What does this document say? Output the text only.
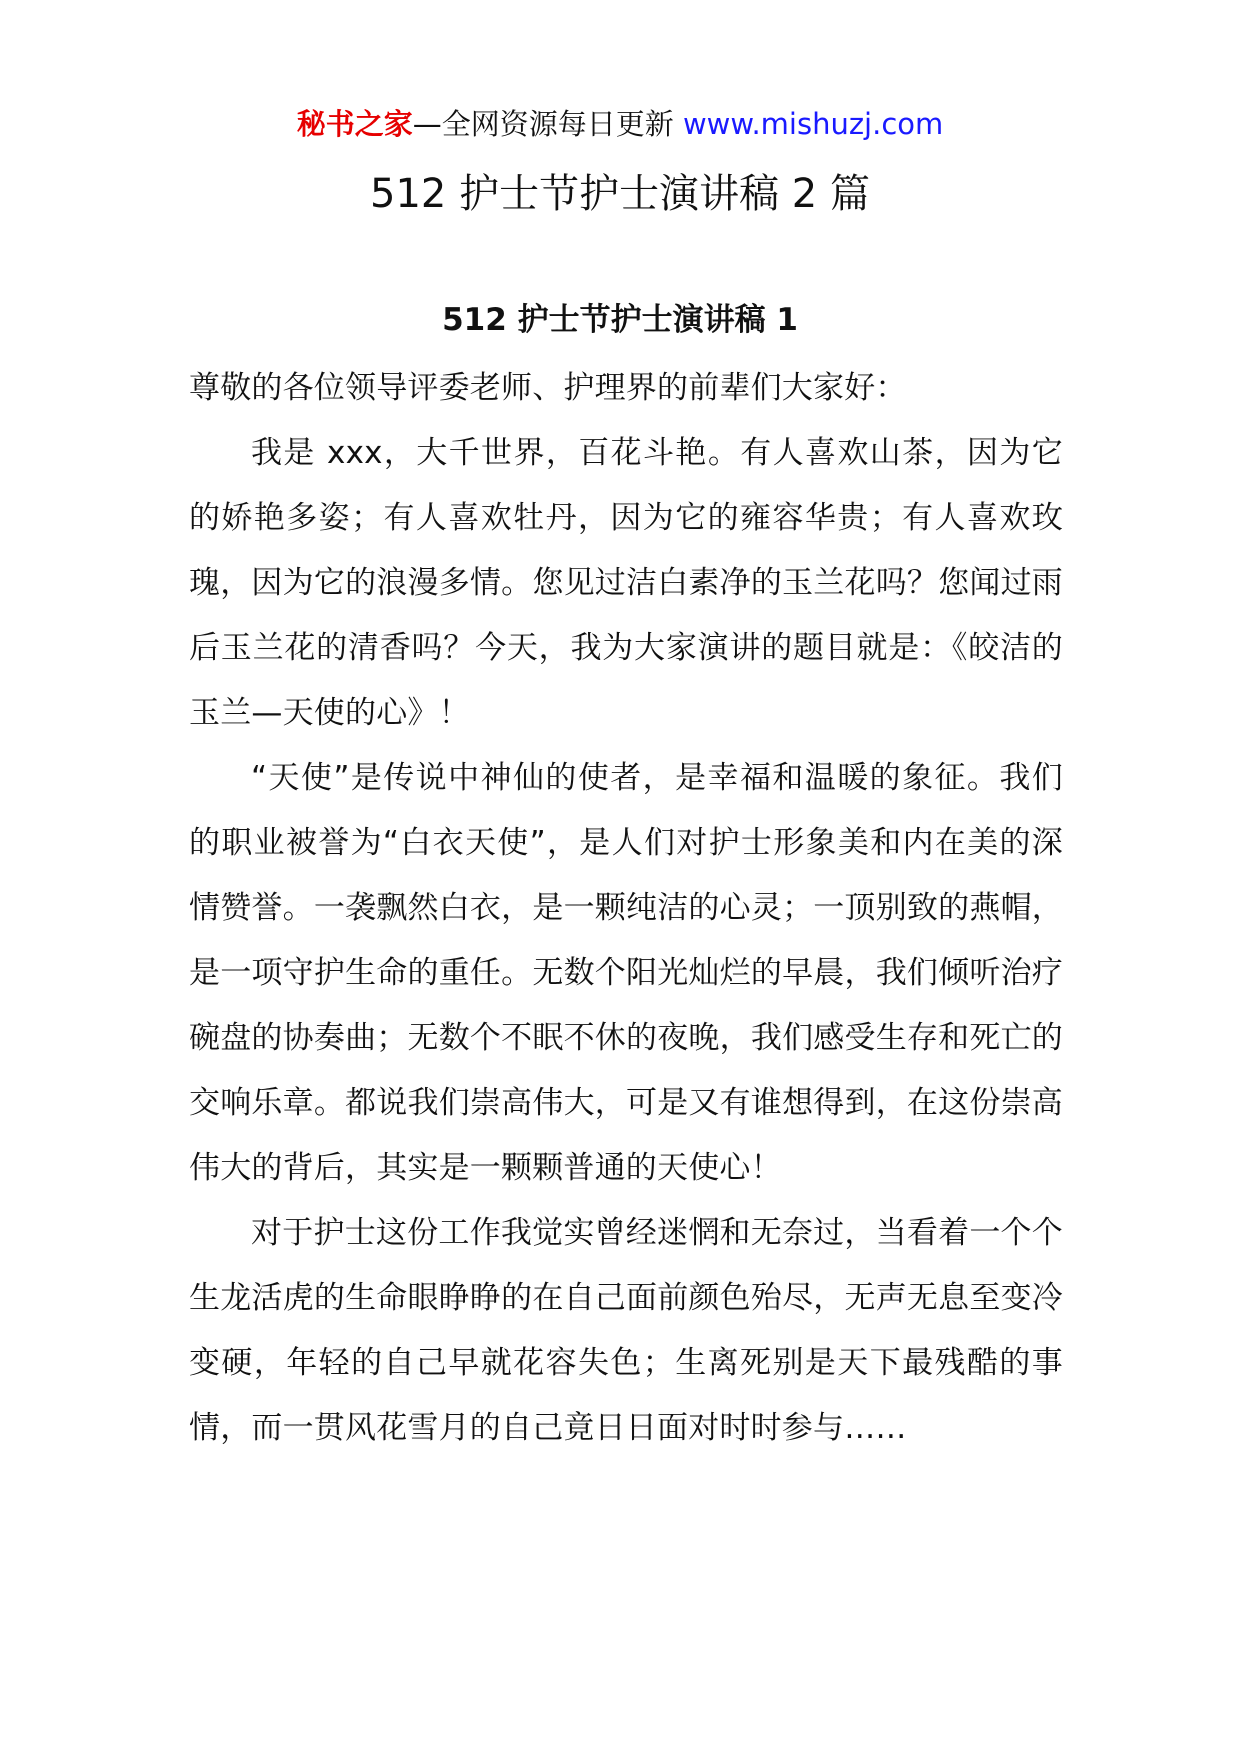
秘书之家—全网资源每日更新 www.mishuzj.com
512 护士节护士演讲稿 2 篇
512 护士节护士演讲稿 1

尊敬的各位领导评委老师、护理界的前辈们大家好：

我是 xxx，大千世界，百花斗艳。有人喜欢山茶，因为它的娇艳多姿；有人喜欢牡丹，因为它的雍容华贵；有人喜欢玫瑰，因为它的浪漫多情。您见过洁白素净的玉兰花吗？您闻过雨后玉兰花的清香吗？今天，我为大家演讲的题目就是：《皎洁的玉兰—天使的心》！

“天使”是传说中神仙的使者，是幸福和温暖的象征。我们的职业被誉为“白衣天使”，是人们对护士形象美和内在美的深情赞誉。一袭飘然白衣，是一颗纯洁的心灵；一顶别致的燕帽，是一项守护生命的重任。无数个阳光灿烂的早晨，我们倾听治疗碗盘的协奏曲；无数个不眠不休的夜晚，我们感受生存和死亡的交响乐章。都说我们崇高伟大，可是又有谁想得到，在这份崇高伟大的背后，其实是一颗颗普通的天使心！

对于护士这份工作我觉实曾经迷惘和无奈过，当看着一个个生龙活虎的生命眼睁睁的在自己面前颜色殆尽，无声无息至变冷变硬，年轻的自己早就花容失色；生离死别是天下最残酷的事情，而一贯风花雪月的自己竟日日面对时时参与……
